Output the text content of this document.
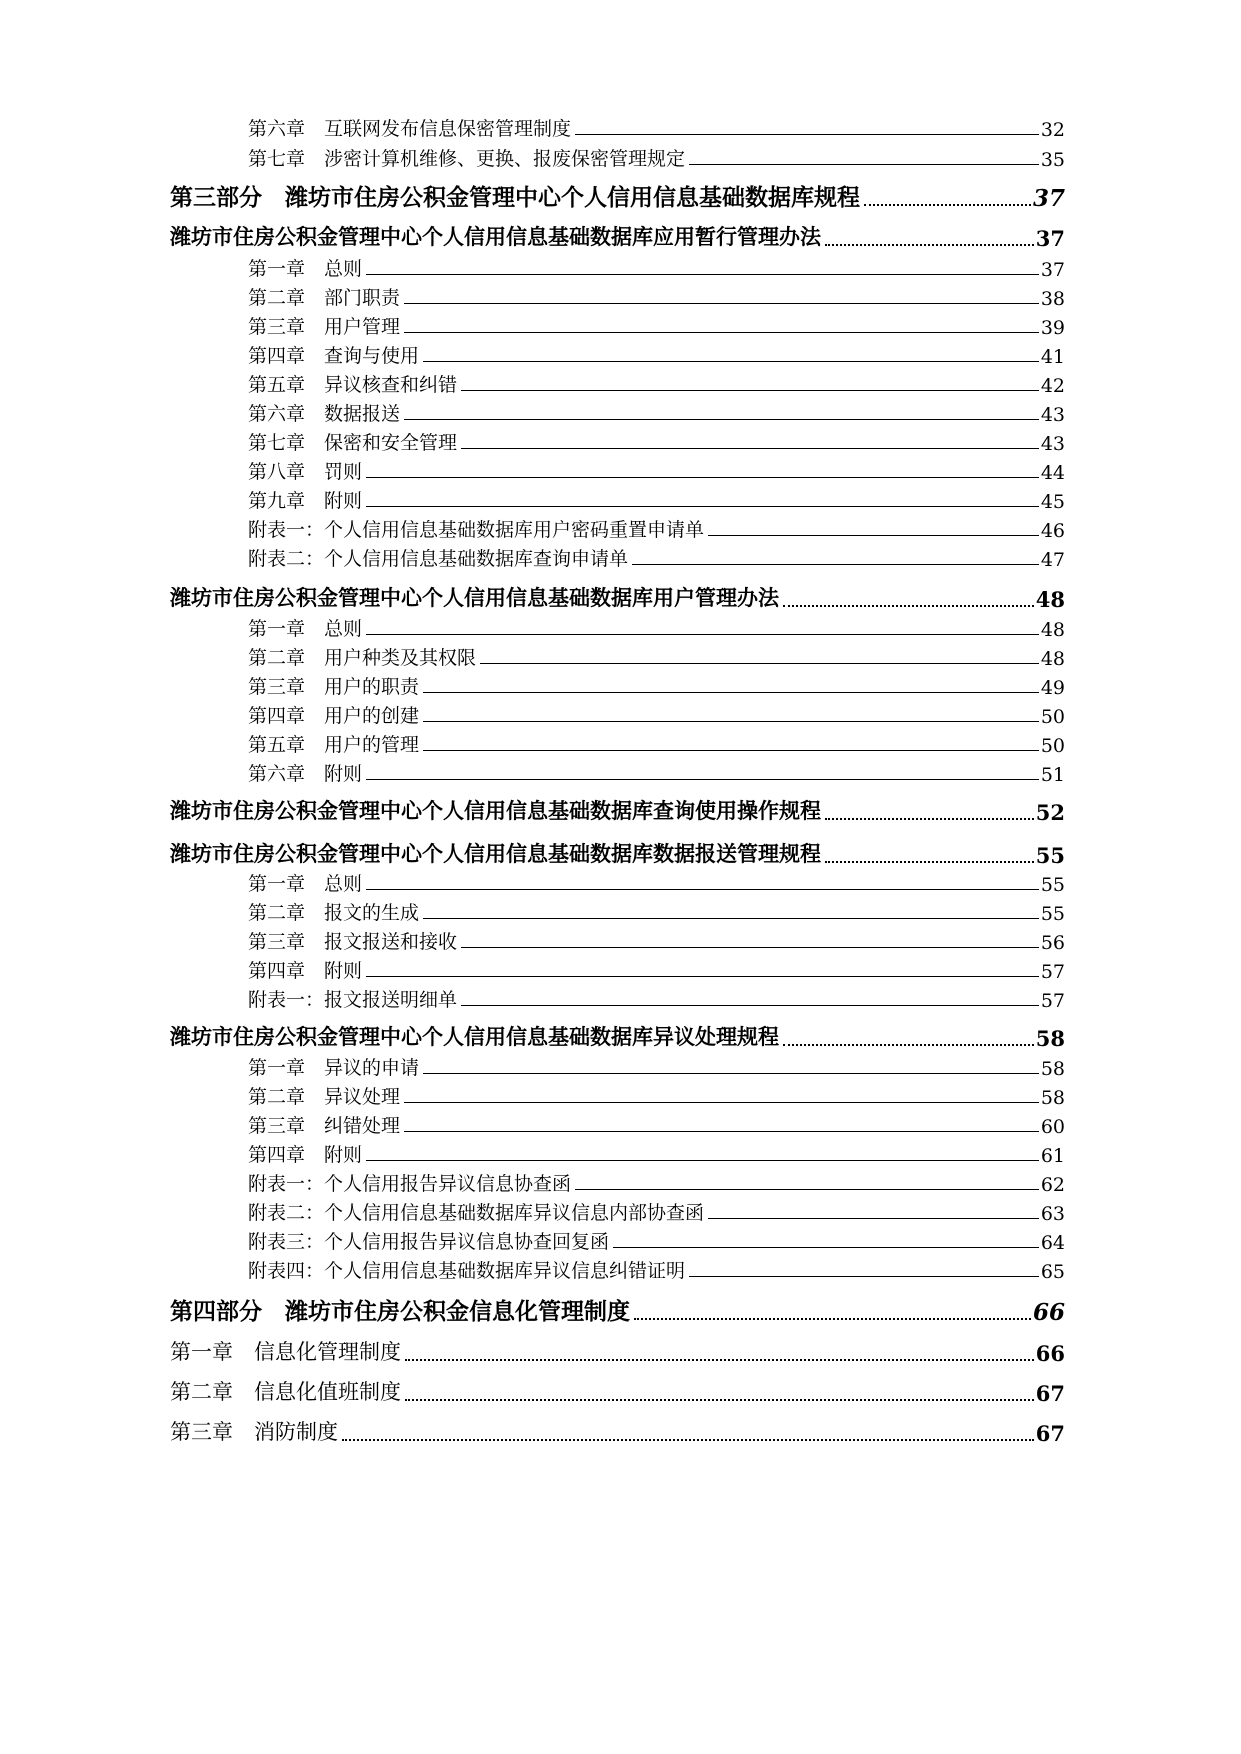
第六章　互联网发布信息保密管理制度	32
第七章　涉密计算机维修、更换、报废保密管理规定	35
第三部分　潍坊市住房公积金管理中心个人信用信息基础数据库规程	37
潍坊市住房公积金管理中心个人信用信息基础数据库应用暂行管理办法	37
第一章　总则	37
第二章　部门职责	38
第三章　用户管理	39
第四章　查询与使用	41
第五章　异议核查和纠错	42
第六章　数据报送	43
第七章　保密和安全管理	43
第八章　罚则	44
第九章　附则	45
附表一：个人信用信息基础数据库用户密码重置申请单	46
附表二：个人信用信息基础数据库查询申请单	47
潍坊市住房公积金管理中心个人信用信息基础数据库用户管理办法	48
第一章　总则	48
第二章　用户种类及其权限	48
第三章　用户的职责	49
第四章　用户的创建	50
第五章　用户的管理	50
第六章　附则	51
潍坊市住房公积金管理中心个人信用信息基础数据库查询使用操作规程	52
潍坊市住房公积金管理中心个人信用信息基础数据库数据报送管理规程	55
第一章　总则	55
第二章　报文的生成	55
第三章　报文报送和接收	56
第四章　附则	57
附表一：报文报送明细单	57
潍坊市住房公积金管理中心个人信用信息基础数据库异议处理规程	58
第一章　异议的申请	58
第二章　异议处理	58
第三章　纠错处理	60
第四章　附则	61
附表一：个人信用报告异议信息协查函	62
附表二：个人信用信息基础数据库异议信息内部协查函	63
附表三：个人信用报告异议信息协查回复函	64
附表四：个人信用信息基础数据库异议信息纠错证明	65
第四部分　潍坊市住房公积金信息化管理制度	66
第一章　信息化管理制度	66
第二章　信息化值班制度	67
第三章　消防制度	67
